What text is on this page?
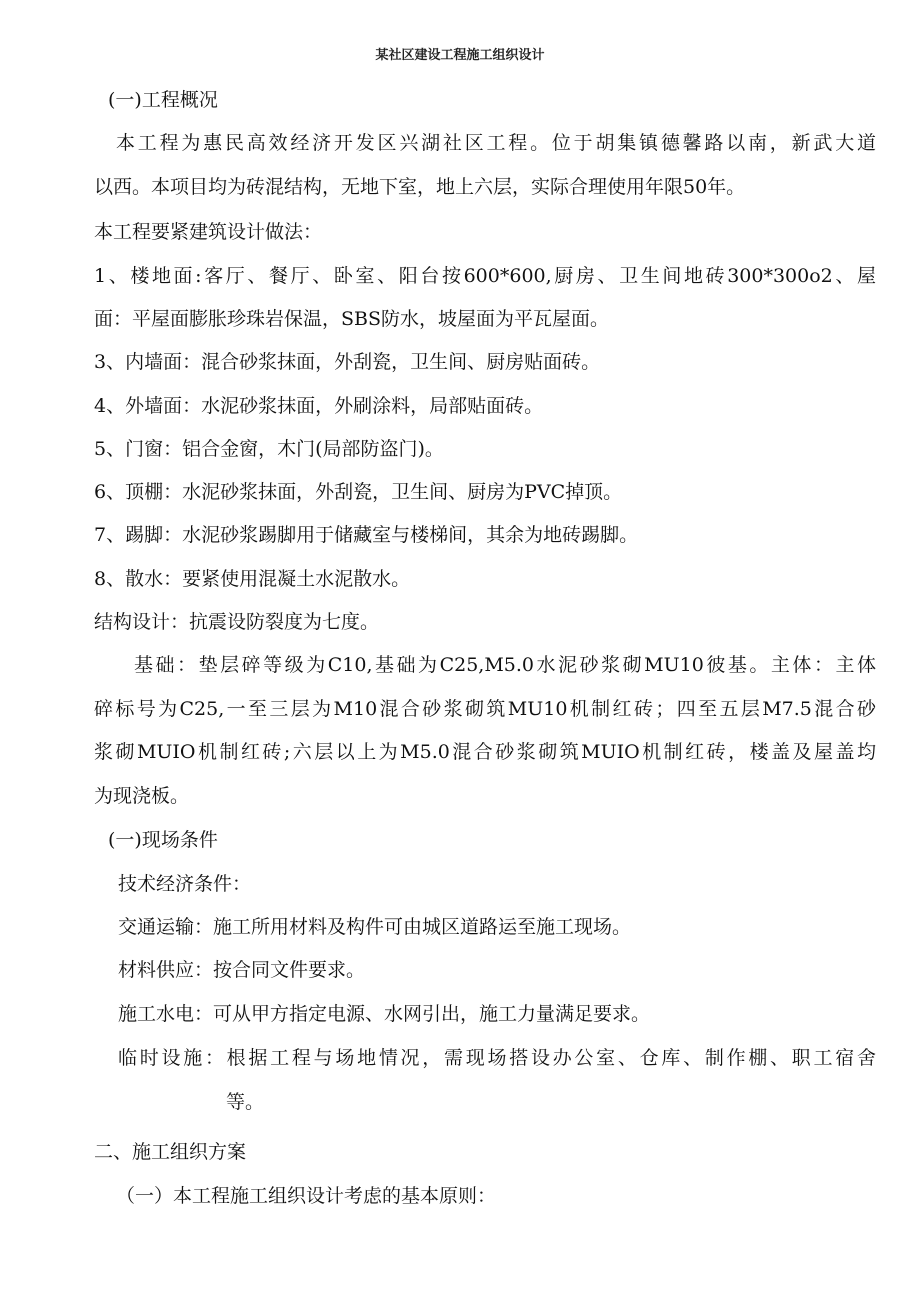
某社区建设工程施工组织设计

(一)工程概况

本工程为惠民高效经济开发区兴湖社区工程。位于胡集镇德馨路以南，新武大道

以西。本项目均为砖混结构，无地下室，地上六层，实际合理使用年限50年。

本工程要紧建筑设计做法：

1、楼地面:客厅、餐厅、卧室、阳台按600*600,厨房、卫生间地砖300*300o2、屋

面：平屋面膨胀珍珠岩保温，SBS防水，坡屋面为平瓦屋面。

3、内墙面：混合砂浆抹面，外刮瓷，卫生间、厨房贴面砖。

4、外墙面：水泥砂浆抹面，外刷涂料，局部贴面砖。

5、门窗：铝合金窗，木门(局部防盗门)。

6、顶棚：水泥砂浆抹面，外刮瓷，卫生间、厨房为PVC掉顶。

7、踢脚：水泥砂浆踢脚用于储藏室与楼梯间，其余为地砖踢脚。

8、散水：要紧使用混凝土水泥散水。

结构设计：抗震设防裂度为七度。

基础：垫层碎等级为C10,基础为C25,M5.0水泥砂浆砌MU10彼基。主体：主体

碎标号为C25,一至三层为M10混合砂浆砌筑MU10机制红砖；四至五层M7.5混合砂

浆砌MUIO机制红砖;六层以上为M5.0混合砂浆砌筑MUIO机制红砖，楼盖及屋盖均

为现浇板。

(一)现场条件

技术经济条件：

交通运输：施工所用材料及构件可由城区道路运至施工现场。

材料供应：按合同文件要求。

施工水电：可从甲方指定电源、水网引出，施工力量满足要求。

临时设施：根据工程与场地情况，需现场搭设办公室、仓库、制作棚、职工宿舍

等。

二、施工组织方案

（一）本工程施工组织设计考虑的基本原则：
